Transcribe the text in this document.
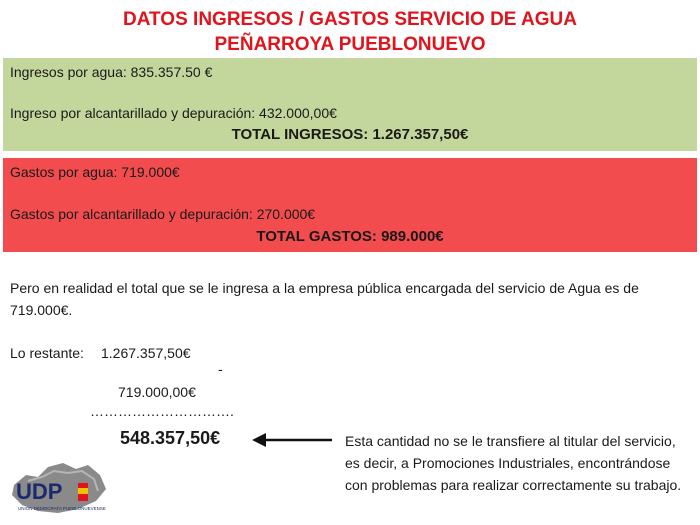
DATOS INGRESOS / GASTOS SERVICIO DE AGUA
PEÑARROYA PUEBLONUEVO
Ingresos por agua: 835.357.50 €
Ingreso por alcantarillado y depuración: 432.000,00€
TOTAL INGRESOS: 1.267.357,50€
Gastos por agua: 719.000€
Gastos por alcantarillado y depuración: 270.000€
TOTAL GASTOS: 989.000€
Pero en realidad el total que se le ingresa a la empresa pública encargada del servicio de Agua es de 719.000€.
Lo restante: 1.267.357,50€
-
719.000,00€
………………………….
548.357,50€	Esta cantidad no se le transfiere al titular del servicio, es decir, a Promociones Industriales, encontrándose con problemas para realizar correctamente su trabajo.
UDP
UNION DEMOCRATA PUEBLONUEVENSE
